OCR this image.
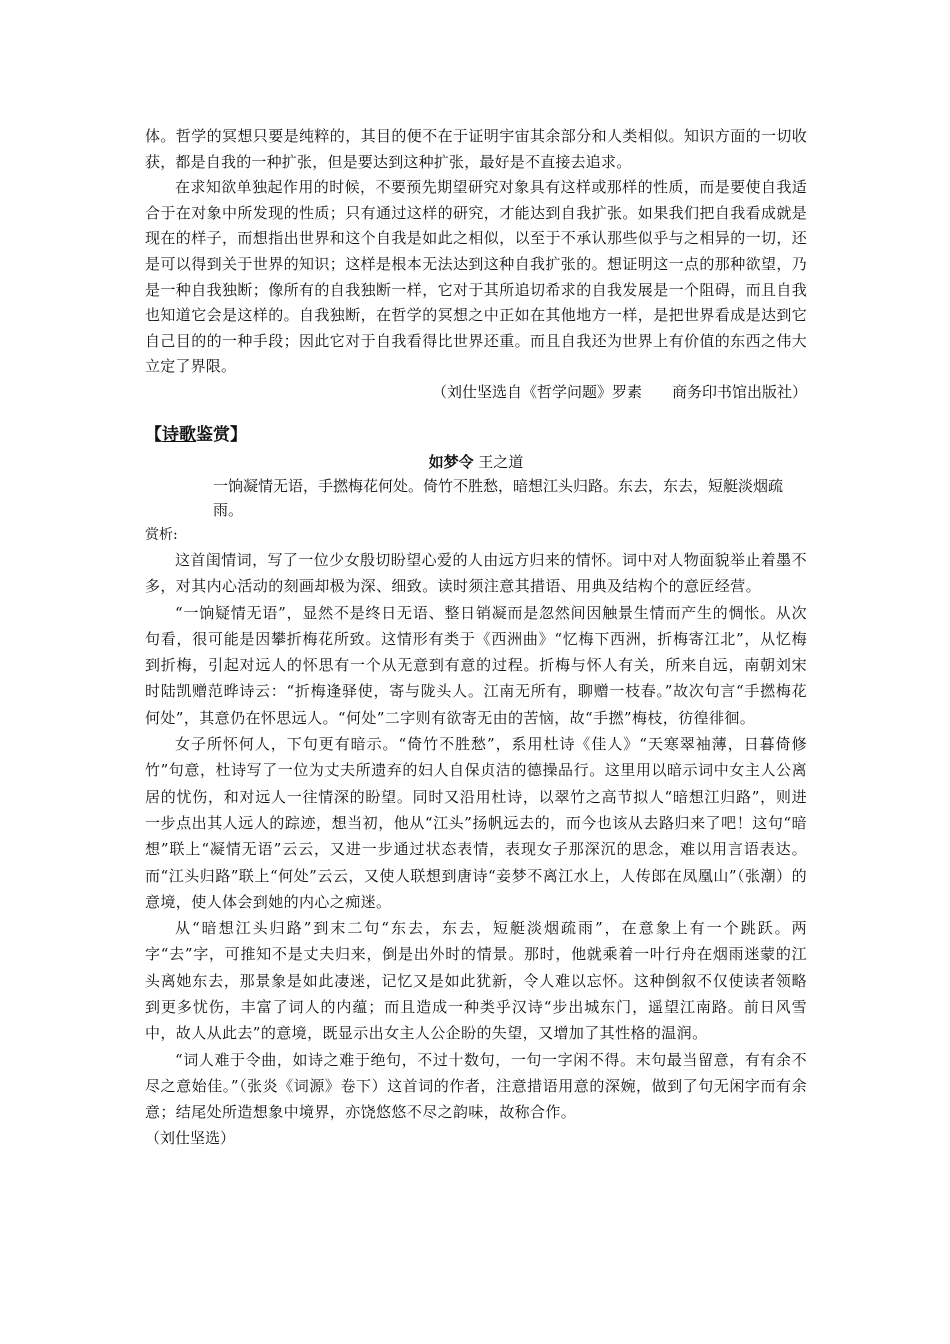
体。哲学的冥想只要是纯粹的，其目的便不在于证明宇宙其余部分和人类相似。知识方面的一切收获，都是自我的一种扩张，但是要达到这种扩张，最好是不直接去追求。

在求知欲单独起作用的时候，不要预先期望研究对象具有这样或那样的性质，而是要使自我适合于在对象中所发现的性质；只有通过这样的研究，才能达到自我扩张。如果我们把自我看成就是现在的样子，而想指出世界和这个自我是如此之相似，以至于不承认那些似乎与之相异的一切，还是可以得到关于世界的知识；这样是根本无法达到这种自我扩张的。想证明这一点的那种欲望，乃是一种自我独断；像所有的自我独断一样，它对于其所追切希求的自我发展是一个阻碍，而且自我也知道它会是这样的。自我独断，在哲学的冥想之中正如在其他地方一样，是把世界看成是达到它自己目的的一种手段；因此它对于自我看得比世界还重。而且自我还为世界上有价值的东西之伟大立定了界限。

（刘仕坚选自《哲学问题》罗素　　商务印书馆出版社）

【诗歌鉴赏】

如梦令 王之道

一饷凝情无语，手撚梅花何处。倚竹不胜愁，暗想江头归路。东去，东去，短艇淡烟疏雨。

赏析:

这首闺情词，写了一位少女殷切盼望心爱的人由远方归来的情怀。词中对人物面貌举止着墨不多，对其内心活动的刻画却极为深、细致。读时须注意其措语、用典及结构个的意匠经营。

“一饷疑情无语”，显然不是终日无语、整日销凝而是忽然间因触景生情而产生的惆怅。从次句看，很可能是因攀折梅花所致。这情形有类于《西洲曲》“忆梅下西洲，折梅寄江北”，从忆梅到折梅，引起对远人的怀思有一个从无意到有意的过程。折梅与怀人有关，所来自远，南朝刘宋时陆凯赠范晔诗云：“折梅逢驿使，寄与陇头人。江南无所有，聊赠一枝春。”故次句言“手撚梅花何处”，其意仍在怀思远人。“何处”二字则有欲寄无由的苦恼，故“手撚”梅枝，彷徨徘徊。

女子所怀何人，下句更有暗示。“倚竹不胜愁”，系用杜诗《佳人》“天寒翠袖薄，日暮倚修竹”句意，杜诗写了一位为丈夫所遗弃的妇人自保贞洁的德操品行。这里用以暗示词中女主人公离居的忧伤，和对远人一往情深的盼望。同时又沿用杜诗，以翠竹之高节拟人“暗想江归路”，则进一步点出其人远人的踪迹，想当初，他从“江头”扬帆远去的，而今也该从去路归来了吧！这句“暗想”联上“凝情无语”云云，又进一步通过状态表情，表现女子那深沉的思念，难以用言语表达。而“江头归路”联上“何处”云云，又使人联想到唐诗“妾梦不离江水上，人传郎在凤凰山”（张潮）的意境，使人体会到她的内心之痴迷。

从“暗想江头归路”到末二句“东去，东去，短艇淡烟疏雨”，在意象上有一个跳跃。两字“去”字，可推知不是丈夫归来，倒是出外时的情景。那时，他就乘着一叶行舟在烟雨迷蒙的江头离她东去，那景象是如此凄迷，记忆又是如此犹新，令人难以忘怀。这种倒叙不仅使读者领略到更多忧伤，丰富了词人的内蕴；而且造成一种类乎汉诗“步出城东门，遥望江南路。前日风雪中，故人从此去”的意境，既显示出女主人公企盼的失望，又增加了其性格的温润。

“词人难于令曲，如诗之难于绝句，不过十数句，一句一字闲不得。末句最当留意，有有余不尽之意始佳。”（张炎《词源》卷下）这首词的作者，注意措语用意的深婉，做到了句无闲字而有余意；结尾处所造想象中境界，亦饶悠悠不尽之韵味，故称合作。

（刘仕坚选）
